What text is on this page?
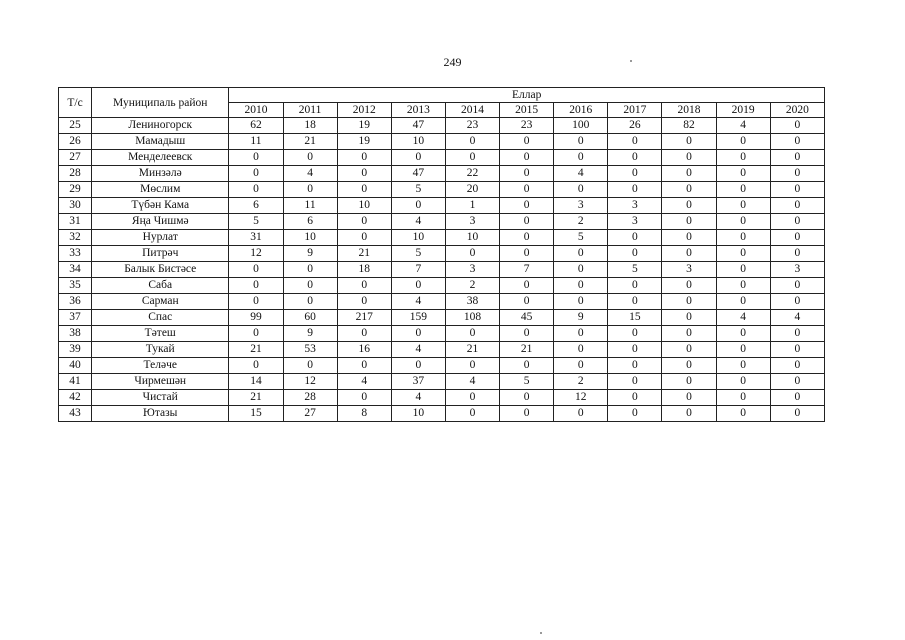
249
Т/с	Муниципаль район	Еллар										
		2010	2011	2012	2013	2014	2015	2016	2017	2018	2019	2020
25	Лениногорск	62	18	19	47	23	23	100	26	82	4	0
26	Мамадыш	11	21	19	10	0	0	0	0	0	0	0
27	Менделеевск	0	0	0	0	0	0	0	0	0	0	0
28	Минзәлә	0	4	0	47	22	0	4	0	0	0	0
29	Мөслим	0	0	0	5	20	0	0	0	0	0	0
30	Түбән Кама	6	11	10	0	1	0	3	3	0	0	0
31	Яңа Чишмә	5	6	0	4	3	0	2	3	0	0	0
32	Нурлат	31	10	0	10	10	0	5	0	0	0	0
33	Питрәч	12	9	21	5	0	0	0	0	0	0	0
34	Балык Бистәсе	0	0	18	7	3	7	0	5	3	0	3
35	Саба	0	0	0	0	2	0	0	0	0	0	0
36	Сарман	0	0	0	4	38	0	0	0	0	0	0
37	Спас	99	60	217	159	108	45	9	15	0	4	4
38	Тәтеш	0	9	0	0	0	0	0	0	0	0	0
39	Тукай	21	53	16	4	21	21	0	0	0	0	0
40	Теләче	0	0	0	0	0	0	0	0	0	0	0
41	Чирмешән	14	12	4	37	4	5	2	0	0	0	0
42	Чистай	21	28	0	4	0	0	12	0	0	0	0
43	Ютазы	15	27	8	10	0	0	0	0	0	0	0
